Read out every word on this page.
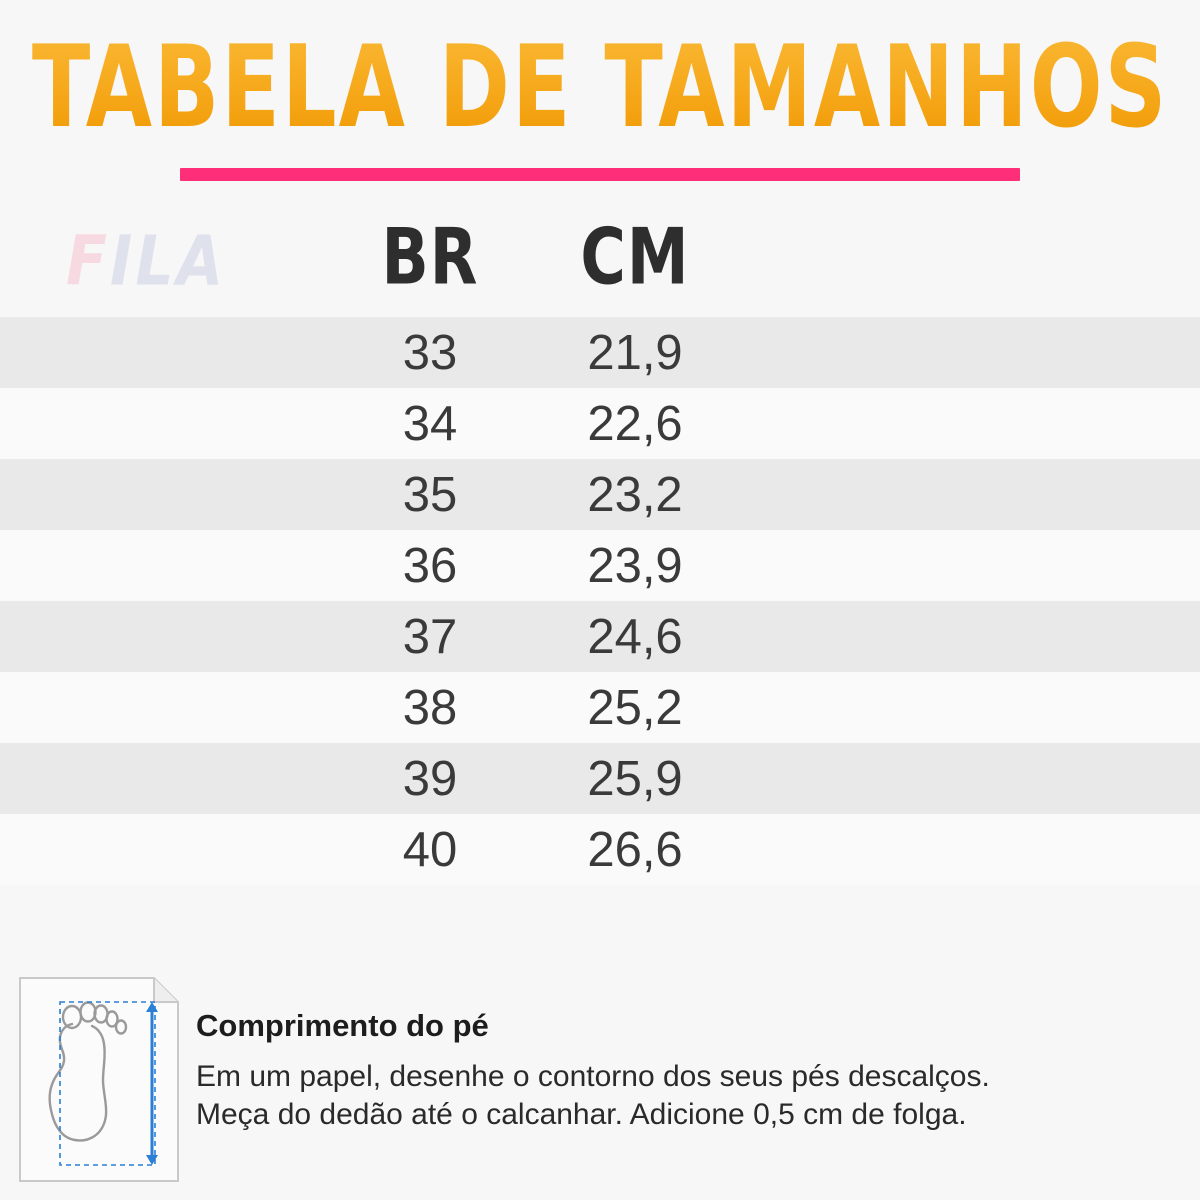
TABELA DE TAMANHOS
FILA	BR	CM
33	21,9
34	22,6
35	23,2
36	23,9
37	24,6
38	25,2
39	25,9
40	26,6
Comprimento do pé
Em um papel, desenhe o contorno dos seus pés descalços.
Meça do dedão até o calcanhar. Adicione 0,5 cm de folga.
